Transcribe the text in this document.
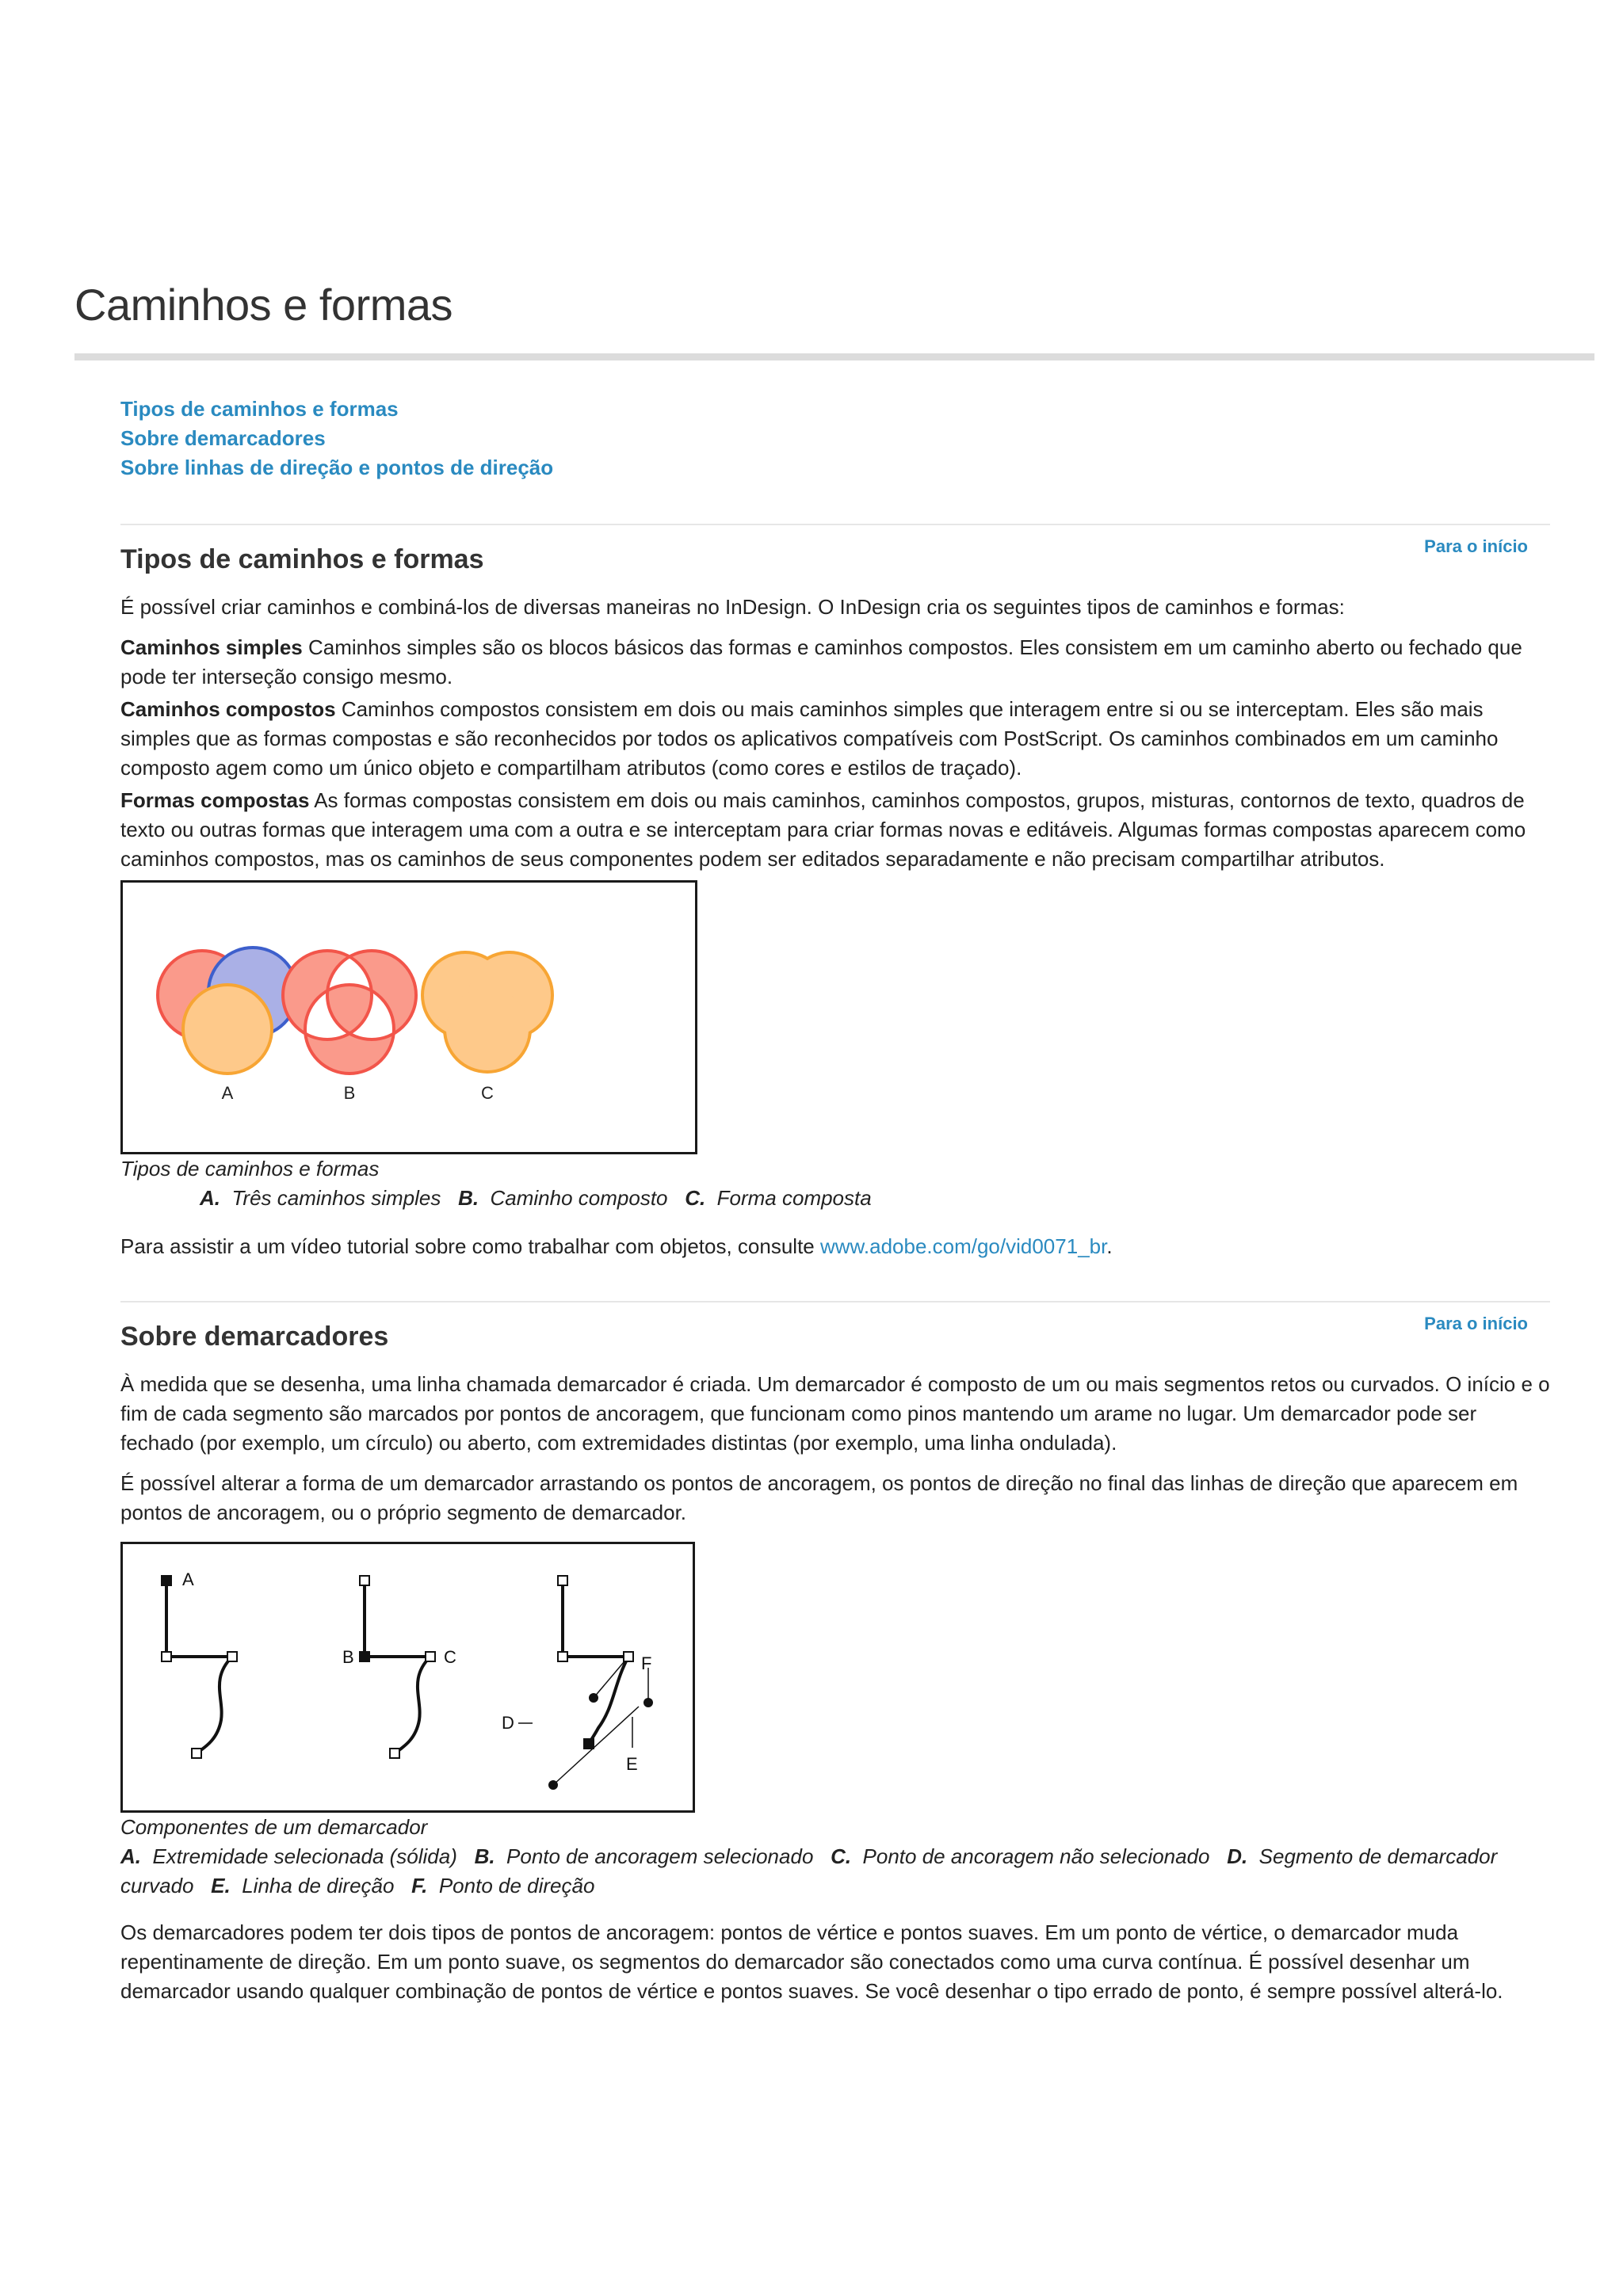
Caminhos e formas
Tipos de caminhos e formas
Sobre demarcadores
Sobre linhas de direção e pontos de direção
Para o início
Tipos de caminhos e formas

É possível criar caminhos e combiná-los de diversas maneiras no InDesign. O InDesign cria os seguintes tipos de caminhos e formas:

Caminhos simples Caminhos simples são os blocos básicos das formas e caminhos compostos. Eles consistem em um caminho aberto ou fechado que pode ter interseção consigo mesmo.

Caminhos compostos Caminhos compostos consistem em dois ou mais caminhos simples que interagem entre si ou se interceptam. Eles são mais simples que as formas compostas e são reconhecidos por todos os aplicativos compatíveis com PostScript. Os caminhos combinados em um caminho composto agem como um único objeto e compartilham atributos (como cores e estilos de traçado).

Formas compostas As formas compostas consistem em dois ou mais caminhos, caminhos compostos, grupos, misturas, contornos de texto, quadros de texto ou outras formas que interagem uma com a outra e se interceptam para criar formas novas e editáveis. Algumas formas compostas aparecem como caminhos compostos, mas os caminhos de seus componentes podem ser editados separadamente e não precisam compartilhar atributos.

A	B	C
Tipos de caminhos e formas
A. Três caminhos simples B. Caminho composto C. Forma composta

Para assistir a um vídeo tutorial sobre como trabalhar com objetos, consulte www.adobe.com/go/vid0071_br.

Para o início
Sobre demarcadores

À medida que se desenha, uma linha chamada demarcador é criada. Um demarcador é composto de um ou mais segmentos retos ou curvados. O início e o fim de cada segmento são marcados por pontos de ancoragem, que funcionam como pinos mantendo um arame no lugar. Um demarcador pode ser fechado (por exemplo, um círculo) ou aberto, com extremidades distintas (por exemplo, uma linha ondulada).

É possível alterar a forma de um demarcador arrastando os pontos de ancoragem, os pontos de direção no final das linhas de direção que aparecem em pontos de ancoragem, ou o próprio segmento de demarcador.

A
B	C
D
F
E
Componentes de um demarcador
A. Extremidade selecionada (sólida) B. Ponto de ancoragem selecionado C. Ponto de ancoragem não selecionado D. Segmento de demarcador curvado E. Linha de direção F. Ponto de direção

Os demarcadores podem ter dois tipos de pontos de ancoragem: pontos de vértice e pontos suaves. Em um ponto de vértice, o demarcador muda repentinamente de direção. Em um ponto suave, os segmentos do demarcador são conectados como uma curva contínua. É possível desenhar um demarcador usando qualquer combinação de pontos de vértice e pontos suaves. Se você desenhar o tipo errado de ponto, é sempre possível alterá-lo.
